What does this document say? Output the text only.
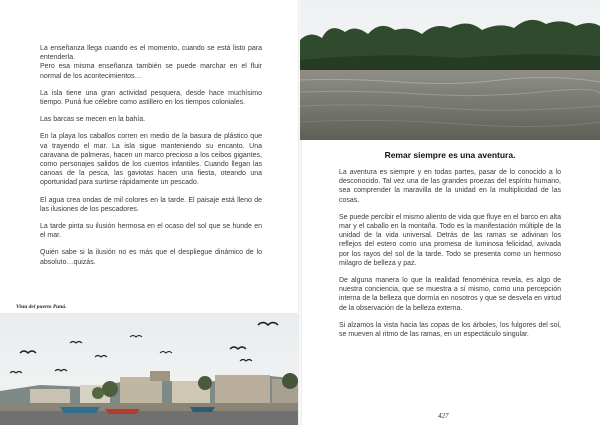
La enseñanza llega cuando es el momento, cuando se está listo para entenderla.
Pero esa misma enseñanza también se puede marchar en el fluir normal de los acontecimientos…

La isla tiene una gran actividad pesquera, desde hace muchísimo tiempo. Puná fue célebre como astillero en los tiempos coloniales.

Las barcas se mecen en la bahía.

En la playa los caballos corren en medio de la basura de plástico que va trayendo el mar. La isla sigue manteniendo su encanto. Una caravana de palmeras, hacen un marco precioso a los ceibos gigantes, como personajes salidos de los cuentos infantiles. Cuando llegan las canoas de la pesca, las gaviotas hacen una fiesta, oteando una oportunidad para surtirse rápidamente un pescado.

El agua crea ondas de mil colores en la tarde. El paisaje está lleno de las ilusiones de los pescadores.

La tarde pinta su ilusión hermosa en el ocaso del sol que se hunde en el mar.

Quién sabe si la ilusión no es más que el despliegue dinámico de lo absoluto…quizás.

Vista del puerto Puná.
Remar siempre es una aventura.

La aventura es siempre y en todas partes, pasar de lo conocido a lo desconocido. Tal vez una de las grandes proezas del espíritu humano, sea comprender la maravilla de la unidad en la multiplicidad de las cosas.

Se puede percibir el mismo aliento de vida que fluye en el barco en alta mar y el caballo en la montaña. Todo es la manifestación múltiple de la unidad de la vida universal. Detrás de las ramas se adivinan los reflejos del estero como una promesa de luminosa felicidad, avivada por los rayos del sol de la tarde. Todo se presenta como un hermoso milagro de belleza y paz.

De alguna manera lo que la realidad fenoménica revela, es algo de nuestra conciencia, que se muestra a sí mismo, como una percepción interna de la belleza que dormía en nosotros y que se desvela en virtud de la observación de la belleza externa.

Si alzamos la vista hacia las copas de los árboles, los fulgores del sol, se mueven al ritmo de las ramas, en un espectáculo singular.

427
